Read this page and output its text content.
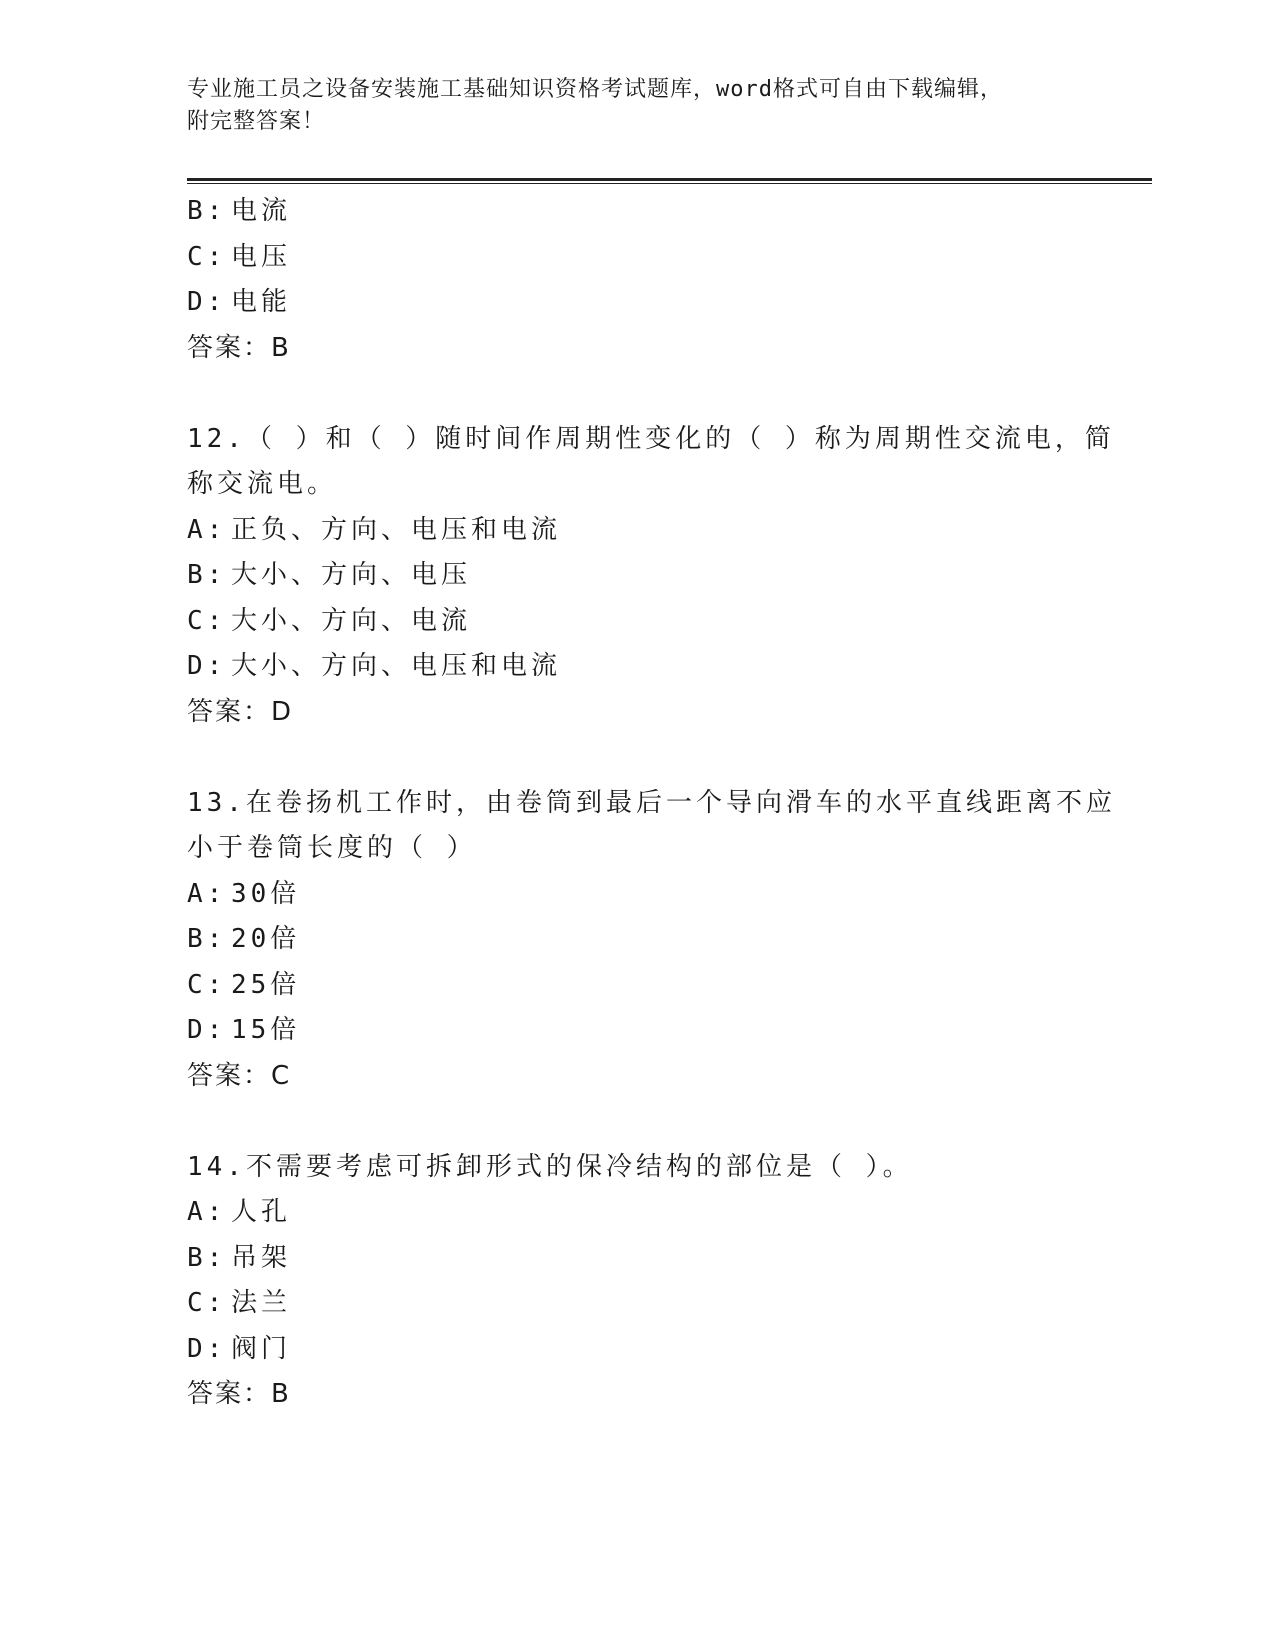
专业施工员之设备安装施工基础知识资格考试题库，word格式可自由下载编辑，
附完整答案！
B: 电流
C: 电压
D: 电能
答案：B
12.（ ）和（ ）随时间作周期性变化的（ ）称为周期性交流电，简
称交流电。
A: 正负、方向、电压和电流
B: 大小、方向、电压
C: 大小、方向、电流
D: 大小、方向、电压和电流
答案：D
13.在卷扬机工作时，由卷筒到最后一个导向滑车的水平直线距离不应
小于卷筒长度的（ ）
A: 30倍
B: 20倍
C: 25倍
D: 15倍
答案：C
14.不需要考虑可拆卸形式的保冷结构的部位是（ ）。
A: 人孔
B: 吊架
C: 法兰
D: 阀门
答案：B
